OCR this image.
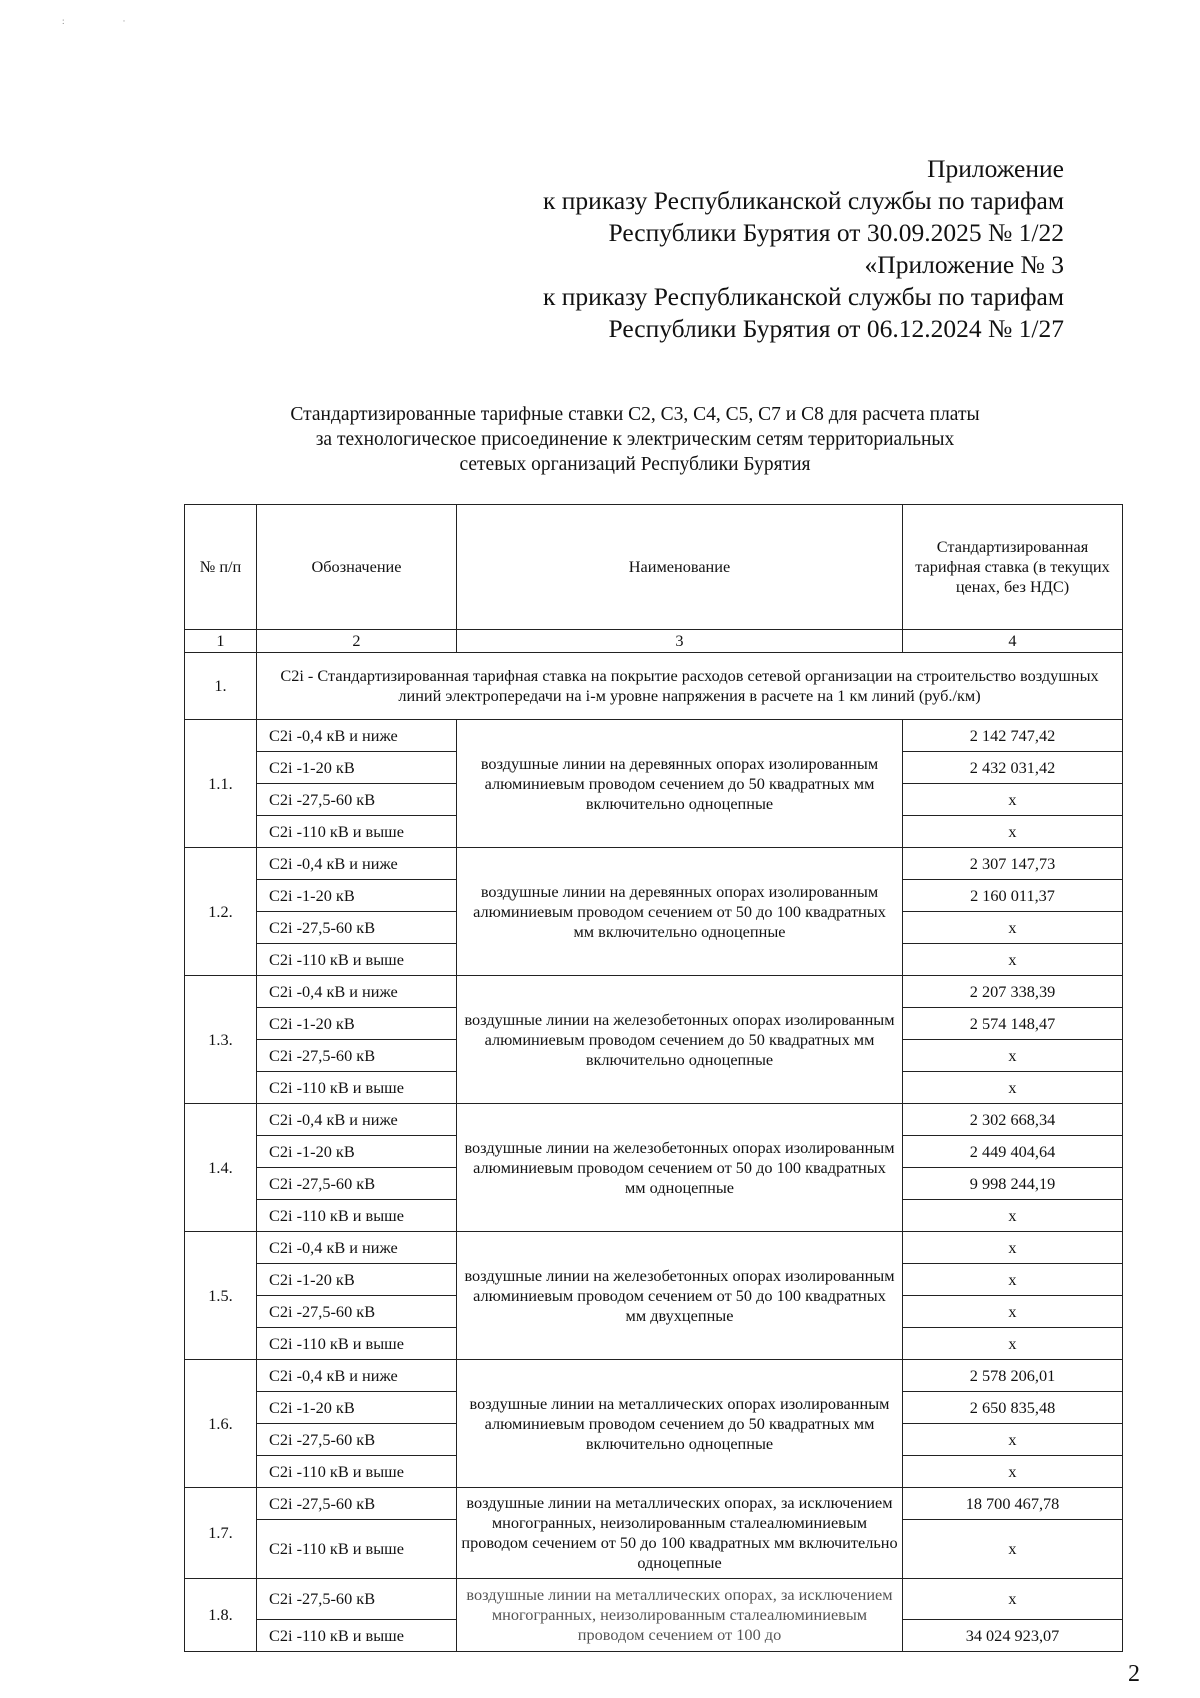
:	·
Приложение
к приказу Республиканской службы по тарифам
Республики Бурятия от 30.09.2025 № 1/22
«Приложение № 3
к приказу Республиканской службы по тарифам
Республики Бурятия от 06.12.2024 № 1/27
Стандартизированные тарифные ставки С2, С3, С4, С5, С7 и С8 для расчета платы
за технологическое присоединение к электрическим сетям территориальных
сетевых организаций Республики Бурятия
№ п/п	Обозначение	Наименование	Стандартизированная тарифная ставка (в текущих ценах, без НДС)
1	2	3	4
1.	С2i - Стандартизированная тарифная ставка на покрытие расходов сетевой организации на строительство воздушных линий электропередачи на i-м уровне напряжения в расчете на 1 км линий (руб./км)		
1.1.	С2i -0,4 кВ и ниже	воздушные линии на деревянных опорах изолированным алюминиевым проводом сечением до 50 квадратных мм включительно одноцепные	2 142 747,42
	С2i -1-20 кВ		2 432 031,42
	С2i -27,5-60 кВ		х
	С2i -110 кВ и выше		х
1.2.	С2i -0,4 кВ и ниже	воздушные линии на деревянных опорах изолированным алюминиевым проводом сечением от 50 до 100 квадратных мм включительно одноцепные	2 307 147,73
	С2i -1-20 кВ		2 160 011,37
	С2i -27,5-60 кВ		х
	С2i -110 кВ и выше		х
1.3.	С2i -0,4 кВ и ниже	воздушные линии на железобетонных опорах изолированным алюминиевым проводом сечением до 50 квадратных мм включительно одноцепные	2 207 338,39
	С2i -1-20 кВ		2 574 148,47
	С2i -27,5-60 кВ		х
	С2i -110 кВ и выше		х
1.4.	С2i -0,4 кВ и ниже	воздушные линии на железобетонных опорах изолированным алюминиевым проводом сечением от 50 до 100 квадратных мм одноцепные	2 302 668,34
	С2i -1-20 кВ		2 449 404,64
	С2i -27,5-60 кВ		9 998 244,19
	С2i -110 кВ и выше		х
1.5.	С2i -0,4 кВ и ниже	воздушные линии на железобетонных опорах изолированным алюминиевым проводом сечением от 50 до 100 квадратных мм двухцепные	х
	С2i -1-20 кВ		х
	С2i -27,5-60 кВ		х
	С2i -110 кВ и выше		х
1.6.	С2i -0,4 кВ и ниже	воздушные линии на металлических опорах изолированным алюминиевым проводом сечением до 50 квадратных мм включительно одноцепные	2 578 206,01
	С2i -1-20 кВ		2 650 835,48
	С2i -27,5-60 кВ		х
	С2i -110 кВ и выше		х
1.7.	С2i -27,5-60 кВ	воздушные линии на металлических опорах, за исключением многогранных, неизолированным сталеалюминиевым проводом сечением от 50 до 100 квадратных мм включительно одноцепные	18 700 467,78
	С2i -110 кВ и выше		х
1.8.	С2i -27,5-60 кВ	воздушные линии на металлических опорах, за исключением многогранных, неизолированным сталеалюминиевым проводом сечением от 100 до	х
	С2i -110 кВ и выше		34 024 923,07
2
